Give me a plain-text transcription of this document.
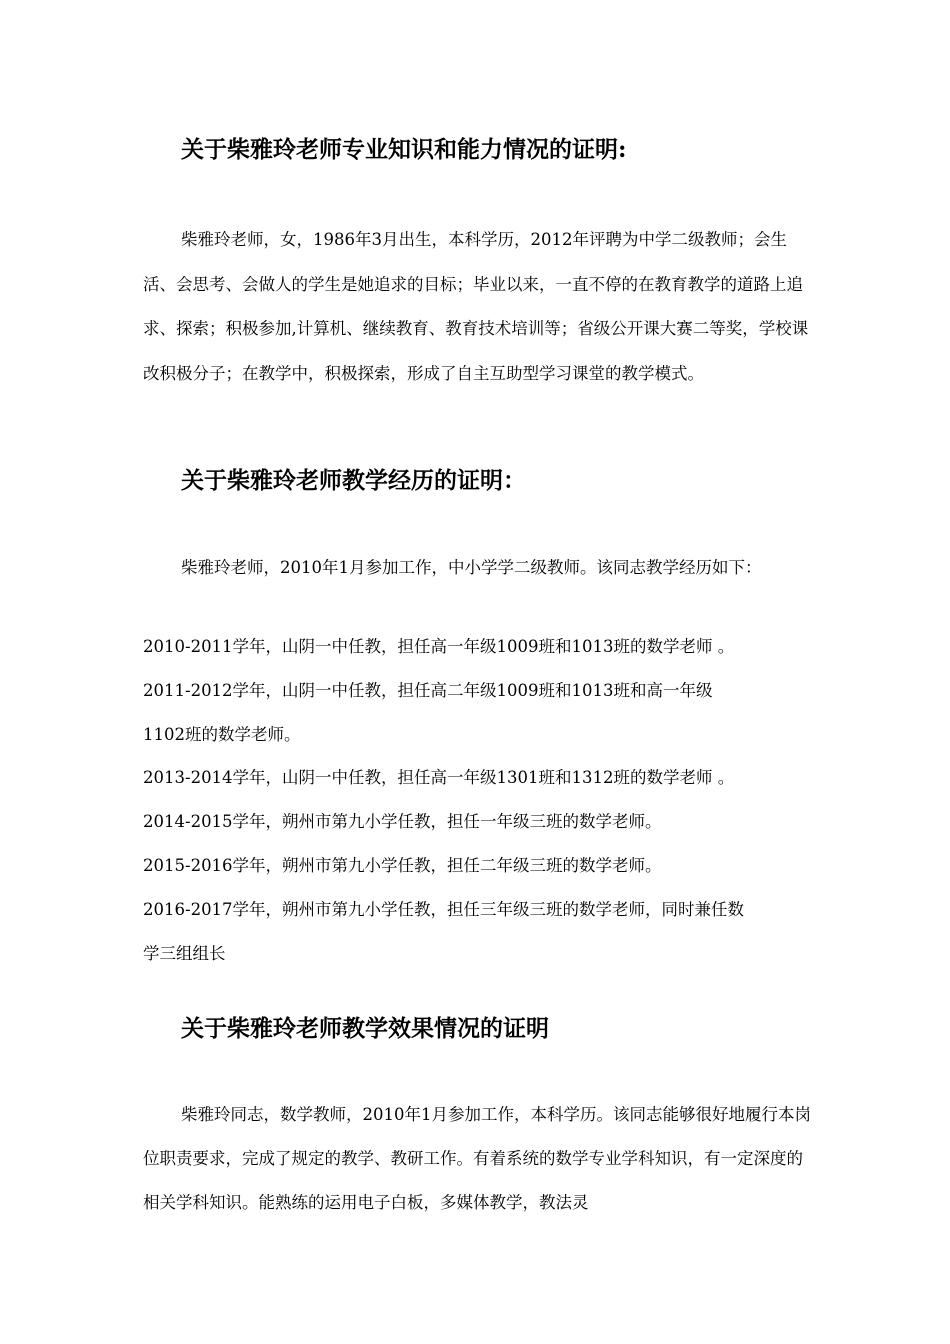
关于柴雅玲老师专业知识和能力情况的证明:

柴雅玲老师，女，1986年3月出生，本科学历，2012年评聘为中学二级教师；会生活、会思考、会做人的学生是她追求的目标；毕业以来，一直不停的在教育教学的道路上追求、探索；积极参加,计算机、继续教育、教育技术培训等；省级公开课大赛二等奖，学校课改积极分子；在教学中，积极探索，形成了自主互助型学习课堂的教学模式。

关于柴雅玲老师教学经历的证明：

柴雅玲老师，2010年1月参加工作，中小学学二级教师。该同志教学经历如下：

2010-2011学年，山阴一中任教，担任高一年级1009班和1013班的数学老师 。

2011-2012学年，山阴一中任教，担任高二年级1009班和1013班和高一年级

1102班的数学老师。

2013-2014学年，山阴一中任教，担任高一年级1301班和1312班的数学老师 。

2014-2015学年，朔州市第九小学任教，担任一年级三班的数学老师。

2015-2016学年，朔州市第九小学任教，担任二年级三班的数学老师。

2016-2017学年，朔州市第九小学任教，担任三年级三班的数学老师，同时兼任数

学三组组长

关于柴雅玲老师教学效果情况的证明

柴雅玲同志，数学教师，2010年1月参加工作，本科学历。该同志能够很好地履行本岗位职责要求，完成了规定的教学、教研工作。有着系统的数学专业学科知识，有一定深度的相关学科知识。能熟练的运用电子白板，多媒体教学，教法灵
